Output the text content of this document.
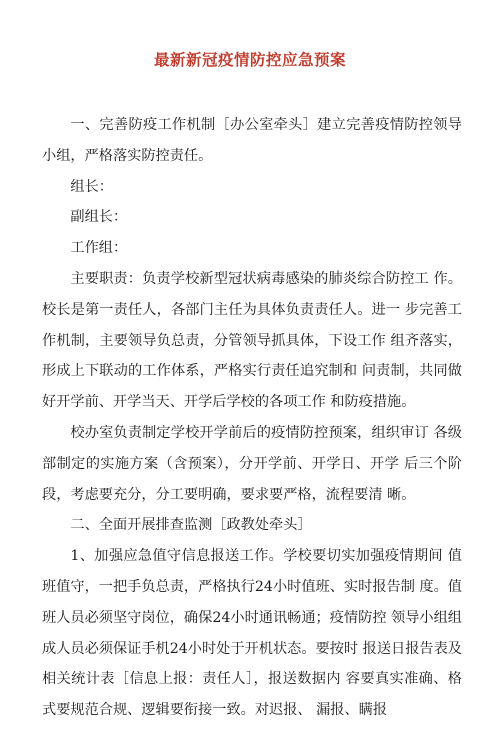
最新新冠疫情防控应急预案

一、完善防疫工作机制［办公室牵头］建立完善疫情防控领导小组，严格落实防控责任。

组长：

副组长：

工作组：

主要职责：负责学校新型冠状病毒感染的肺炎综合防控工 作。校长是第一责任人，各部门主任为具体负责责任人。进一 步完善工作机制，主要领导负总责，分管领导抓具体，下设工作 组齐落实，形成上下联动的工作体系，严格实行责任追究制和 问责制，共同做好开学前、开学当天、开学后学校的各项工作 和防疫措施。

校办室负责制定学校开学前后的疫情防控预案，组织审订 各级部制定的实施方案（含预案），分开学前、开学日、开学 后三个阶段，考虑要充分，分工要明确，要求要严格，流程要清 晰。

二、全面开展排查监测［政教处牵头］

1、加强应急值守信息报送工作。学校要切实加强疫情期间 值班值守，一把手负总责，严格执行24小时值班、实时报告制 度。值班人员必须坚守岗位，确保24小时通讯畅通；疫情防控 领导小组组成人员必须保证手机24小时处于开机状态。要按时 报送日报告表及相关统计表［信息上报：责任人］，报送数据内 容要真实准确、格式要规范合规、逻辑要衔接一致。对迟报、 漏报、瞒报
